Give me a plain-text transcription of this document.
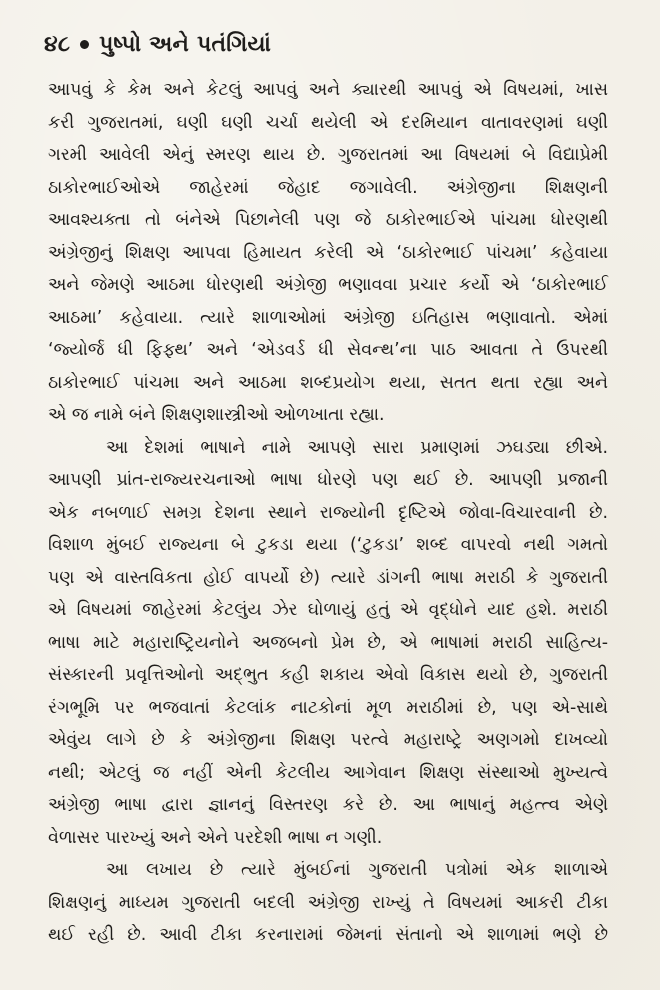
૪૮ પુષ્પો અને પતંગિયાં
આપવું કે કેમ અને કેટલું આપવું અને ક્યારથી આપવું એ વિષયમાં, ખાસ
કરી ગુજરાતમાં, ઘણી ઘણી ચર્ચા થયેલી એ દરમિયાન વાતાવરણમાં ઘણી
ગરમી આવેલી એનું સ્મરણ થાય છે. ગુજરાતમાં આ વિષયમાં બે વિદ્યાપ્રેમી
ઠાકોરભાઈઓએ જાહેરમાં જેહાદ જગાવેલી. અંગ્રેજીના શિક્ષણની
આવશ્યક્તા તો બંનેએ પિછાનેલી પણ જે ઠાકોરભાઈએ પાંચમા ધોરણથી
અંગ્રેજીનું શિક્ષણ આપવા હિમાયત કરેલી એ ‘ઠાકોરભાઈ પાંચમા’ કહેવાયા
અને જેમણે આઠમા ધોરણથી અંગ્રેજી ભણાવવા પ્રચાર કર્યો એ ‘ઠાકોરભાઈ
આઠમા’ કહેવાયા. ત્યારે શાળાઓમાં અંગ્રેજી ઇતિહાસ ભણાવાતો. એમાં
‘જ્યોર્જ ધી ફિફ્થ’ અને ‘એડવર્ડ ધી સેવન્થ’ના પાઠ આવતા તે ઉપરથી
ઠાકોરભાઈ પાંચમા અને આઠમા શબ્દપ્રયોગ થયા, સતત થતા રહ્યા અને
એ જ નામે બંને શિક્ષણશાસ્ત્રીઓ ઓળખાતા રહ્યા.
આ દેશમાં ભાષાને નામે આપણે સારા પ્રમાણમાં ઝઘડ્યા છીએ.
આપણી પ્રાંત-રાજ્યરચનાઓ ભાષા ધોરણે પણ થઈ છે. આપણી પ્રજાની
એક નબળાઈ સમગ્ર દેશના સ્થાને રાજ્યોની દૃષ્ટિએ જોવા-વિચારવાની છે.
વિશાળ મુંબઈ રાજ્યના બે ટુકડા થયા (‘ટુકડા’ શબ્દ વાપરવો નથી ગમતો
પણ એ વાસ્તવિકતા હોઈ વાપર્યો છે) ત્યારે ડાંગની ભાષા મરાઠી કે ગુજરાતી
એ વિષયમાં જાહેરમાં કેટલુંય ઝેર ઘોળાયું હતું એ વૃદ્ધોને યાદ હશે. મરાઠી
ભાષા માટે મહારાષ્ટ્રિયનોને અજબનો પ્રેમ છે, એ ભાષામાં મરાઠી સાહિત્ય-
સંસ્કારની પ્રવૃત્તિઓનો અદ્ભુત કહી શકાય એવો વિકાસ થયો છે, ગુજરાતી
રંગભૂમિ પર ભજવાતાં કેટલાંક નાટકોનાં મૂળ મરાઠીમાં છે, પણ એ-સાથે
એવુંય લાગે છે કે અંગ્રેજીના શિક્ષણ પરત્વે મહારાષ્ટ્રે અણગમો દાખવ્યો
નથી; એટલું જ નહીં એની કેટલીય આગેવાન શિક્ષણ સંસ્થાઓ મુખ્યત્વે
અંગ્રેજી ભાષા દ્વારા જ્ઞાનનું વિસ્તરણ કરે છે. આ ભાષાનું મહત્ત્વ એણે
વેળાસર પારખ્યું અને એને પરદેશી ભાષા ન ગણી.
આ લખાય છે ત્યારે મુંબઈનાં ગુજરાતી પત્રોમાં એક શાળાએ
શિક્ષણનું માધ્યમ ગુજરાતી બદલી અંગ્રેજી રાખ્યું તે વિષયમાં આકરી ટીકા
થઈ રહી છે. આવી ટીકા કરનારામાં જેમનાં સંતાનો એ શાળામાં ભણે છે
